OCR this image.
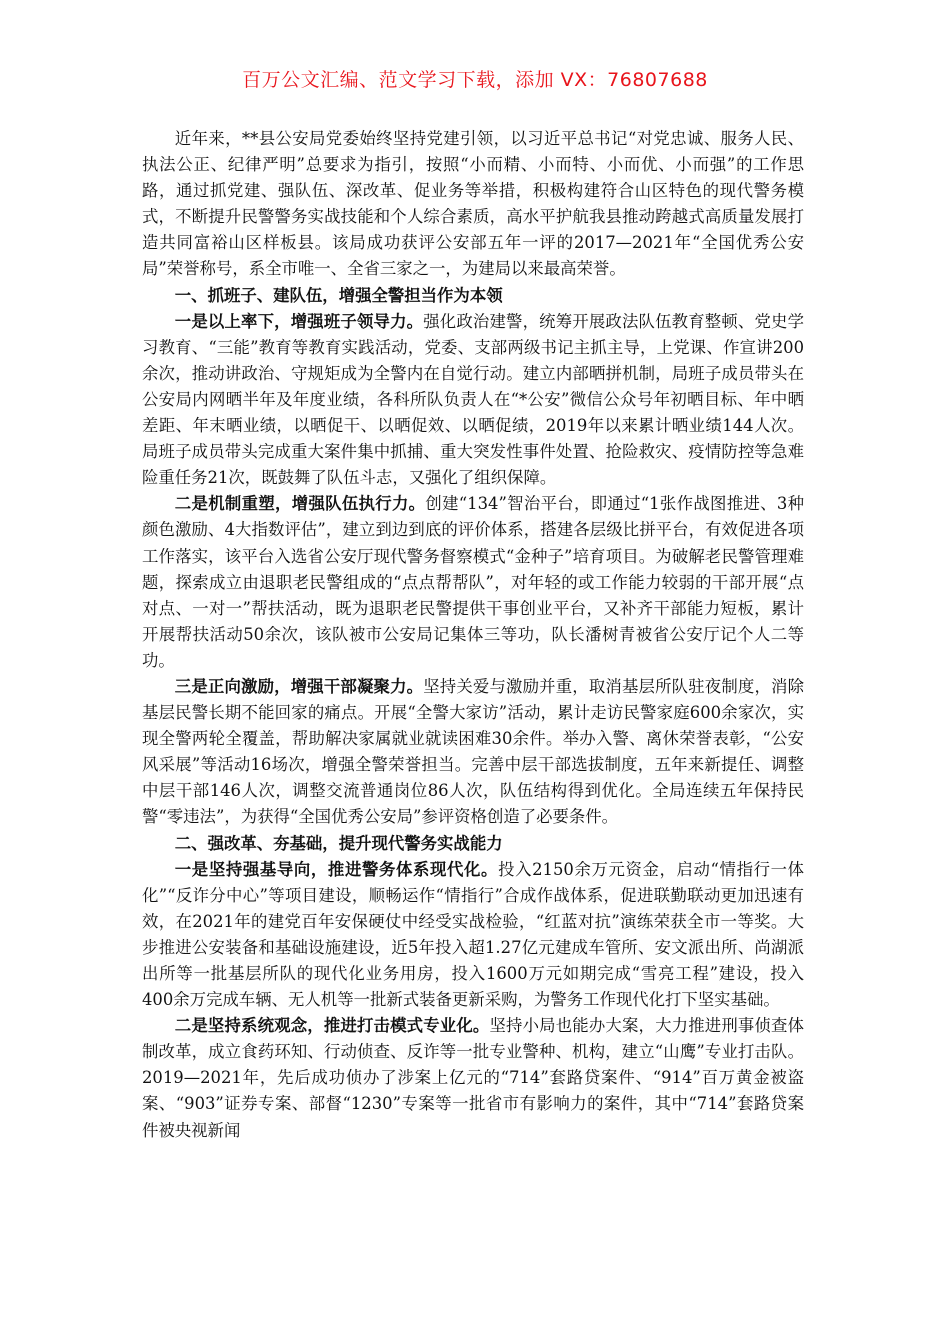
百万公文汇编、范文学习下载，添加 VX：76807688

近年来，**县公安局党委始终坚持党建引领，以习近平总书记“对党忠诚、服务人民、执法公正、纪律严明”总要求为指引，按照“小而精、小而特、小而优、小而强”的工作思路，通过抓党建、强队伍、深改革、促业务等举措，积极构建符合山区特色的现代警务模式，不断提升民警警务实战技能和个人综合素质，高水平护航我县推动跨越式高质量发展打造共同富裕山区样板县。该局成功获评公安部五年一评的2017—2021年“全国优秀公安局”荣誉称号，系全市唯一、全省三家之一，为建局以来最高荣誉。

一、抓班子、建队伍，增强全警担当作为本领

一是以上率下，增强班子领导力。强化政治建警，统筹开展政法队伍教育整顿、党史学习教育、“三能”教育等教育实践活动，党委、支部两级书记主抓主导，上党课、作宣讲200余次，推动讲政治、守规矩成为全警内在自觉行动。建立内部晒拼机制，局班子成员带头在公安局内网晒半年及年度业绩，各科所队负责人在“*公安”微信公众号年初晒目标、年中晒差距、年末晒业绩，以晒促干、以晒促效、以晒促绩，2019年以来累计晒业绩144人次。局班子成员带头完成重大案件集中抓捕、重大突发性事件处置、抢险救灾、疫情防控等急难险重任务21次，既鼓舞了队伍斗志，又强化了组织保障。

二是机制重塑，增强队伍执行力。创建“134”智治平台，即通过“1张作战图推进、3种颜色激励、4大指数评估”，建立到边到底的评价体系，搭建各层级比拼平台，有效促进各项工作落实，该平台入选省公安厅现代警务督察模式“金种子”培育项目。为破解老民警管理难题，探索成立由退职老民警组成的“点点帮帮队”，对年轻的或工作能力较弱的干部开展“点对点、一对一”帮扶活动，既为退职老民警提供干事创业平台，又补齐干部能力短板，累计开展帮扶活动50余次，该队被市公安局记集体三等功，队长潘树青被省公安厅记个人二等功。

三是正向激励，增强干部凝聚力。坚持关爱与激励并重，取消基层所队驻夜制度，消除基层民警长期不能回家的痛点。开展“全警大家访”活动，累计走访民警家庭600余家次，实现全警两轮全覆盖，帮助解决家属就业就读困难30余件。举办入警、离休荣誉表彰，“公安风采展”等活动16场次，增强全警荣誉担当。完善中层干部选拔制度，五年来新提任、调整中层干部146人次，调整交流普通岗位86人次，队伍结构得到优化。全局连续五年保持民警“零违法”，为获得“全国优秀公安局”参评资格创造了必要条件。

二、强改革、夯基础，提升现代警务实战能力

一是坚持强基导向，推进警务体系现代化。投入2150余万元资金，启动“情指行一体化”“反诈分中心”等项目建设，顺畅运作“情指行”合成作战体系，促进联勤联动更加迅速有效，在2021年的建党百年安保硬仗中经受实战检验，“红蓝对抗”演练荣获全市一等奖。大步推进公安装备和基础设施建设，近5年投入超1.27亿元建成车管所、安文派出所、尚湖派出所等一批基层所队的现代化业务用房，投入1600万元如期完成“雪亮工程”建设，投入400余万完成车辆、无人机等一批新式装备更新采购，为警务工作现代化打下坚实基础。

二是坚持系统观念，推进打击模式专业化。坚持小局也能办大案，大力推进刑事侦查体制改革，成立食药环知、行动侦查、反诈等一批专业警种、机构，建立“山鹰”专业打击队。2019—2021年，先后成功侦办了涉案上亿元的“714”套路贷案件、“914”百万黄金被盗案、“903”证券专案、部督“1230”专案等一批省市有影响力的案件，其中“714”套路贷案件被央视新闻
